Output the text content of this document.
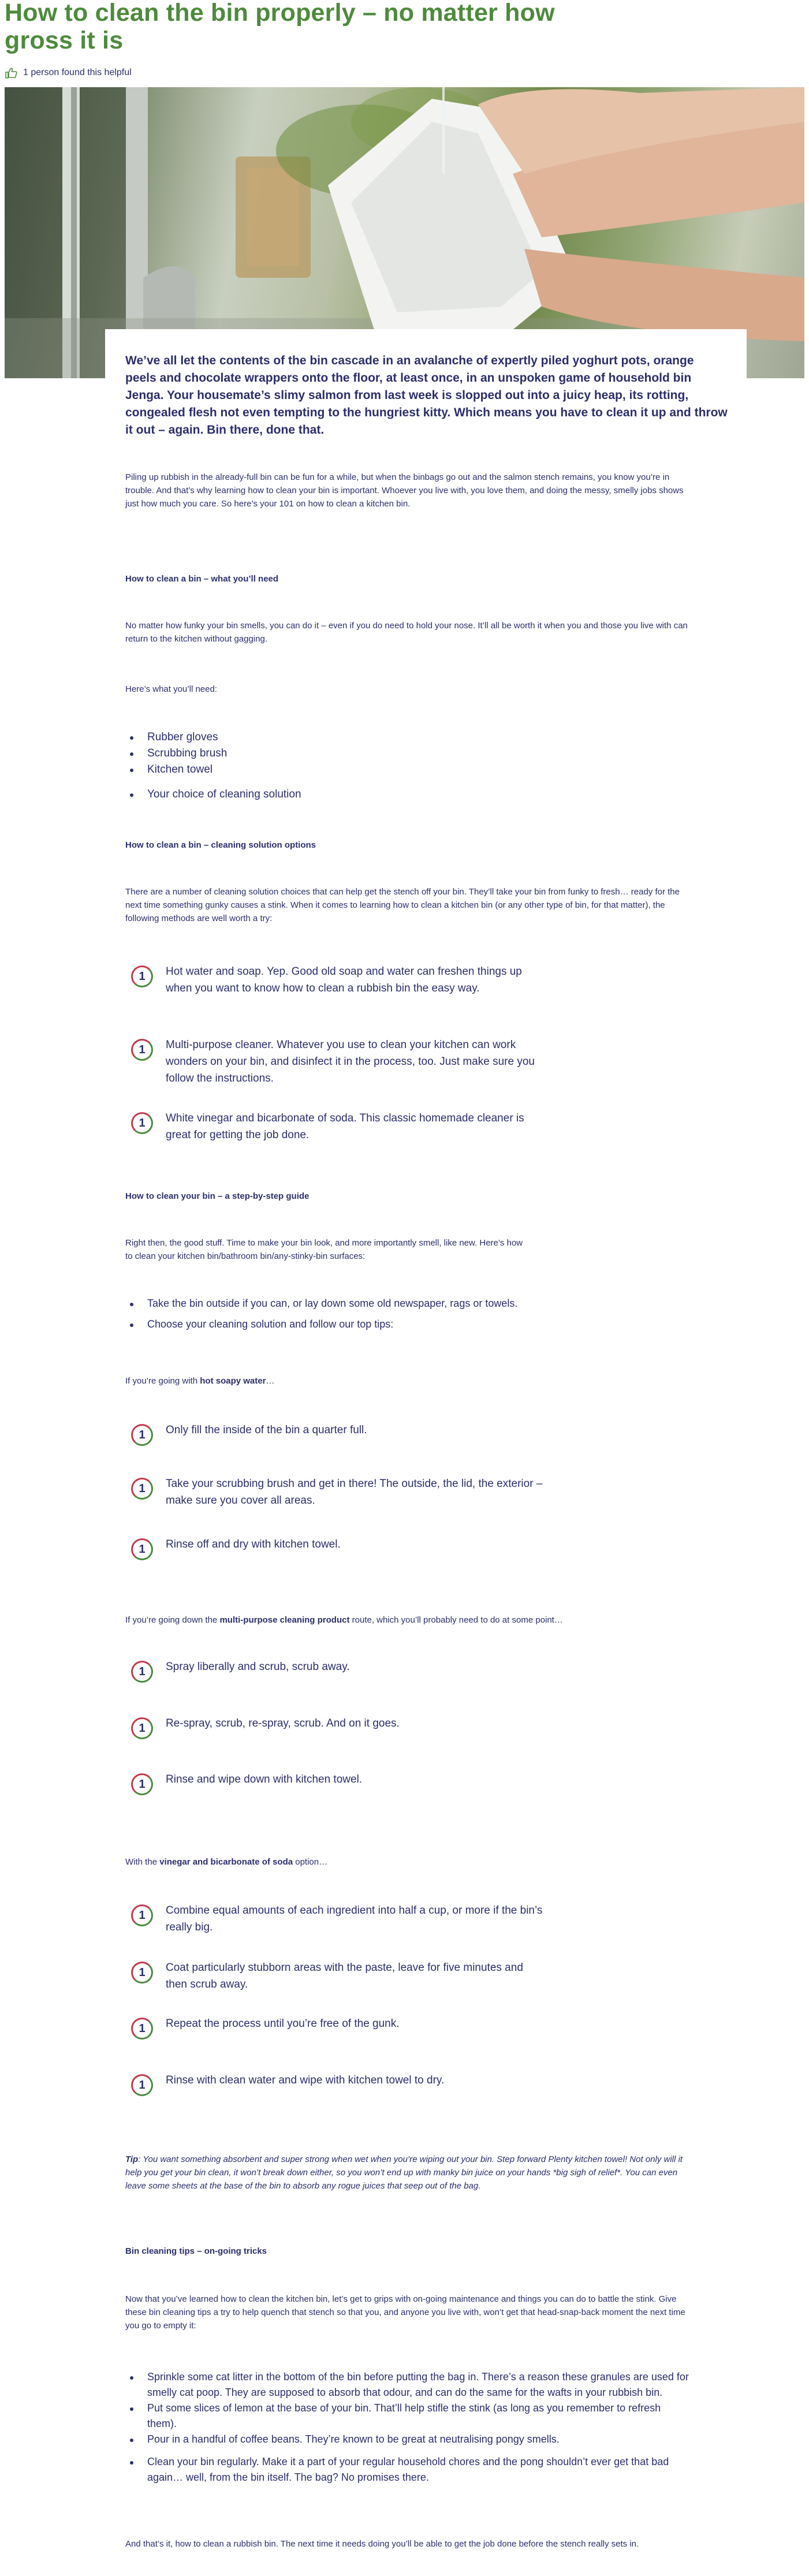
How to clean the bin properly – no matter how gross it is
1 person found this helpful

We’ve all let the contents of the bin cascade in an avalanche of expertly piled yoghurt pots, orange peels and chocolate wrappers onto the floor, at least once, in an unspoken game of household bin Jenga. Your housemate’s slimy salmon from last week is slopped out into a juicy heap, its rotting, congealed flesh not even tempting to the hungriest kitty. Which means you have to clean it up and throw it out – again. Bin there, done that.

Piling up rubbish in the already-full bin can be fun for a while, but when the binbags go out and the salmon stench remains, you know you’re in trouble. And that’s why learning how to clean your bin is important. Whoever you live with, you love them, and doing the messy, smelly jobs shows just how much you care. So here’s your 101 on how to clean a kitchen bin.

How to clean a bin – what you’ll need

No matter how funky your bin smells, you can do it – even if you do need to hold your nose. It’ll all be worth it when you and those you live with can return to the kitchen without gagging.

Here’s what you’ll need:

Rubber gloves
Scrubbing brush
Kitchen towel
Your choice of cleaning solution
How to clean a bin – cleaning solution options

There are a number of cleaning solution choices that can help get the stench off your bin. They’ll take your bin from funky to fresh… ready for the next time something gunky causes a stink. When it comes to learning how to clean a kitchen bin (or any other type of bin, for that matter), the following methods are well worth a try:

1 Hot water and soap. Yep. Good old soap and water can freshen things up when you want to know how to clean a rubbish bin the easy way.
1 Multi-purpose cleaner. Whatever you use to clean your kitchen can work wonders on your bin, and disinfect it in the process, too. Just make sure you follow the instructions.
1 White vinegar and bicarbonate of soda. This classic homemade cleaner is great for getting the job done.
How to clean your bin – a step-by-step guide

Right then, the good stuff. Time to make your bin look, and more importantly smell, like new. Here’s how to clean your kitchen bin/bathroom bin/any-stinky-bin surfaces:

Take the bin outside if you can, or lay down some old newspaper, rags or towels.
Choose your cleaning solution and follow our top tips:

If you’re going with hot soapy water…

1 Only fill the inside of the bin a quarter full.
1 Take your scrubbing brush and get in there! The outside, the lid, the exterior – make sure you cover all areas.
1 Rinse off and dry with kitchen towel.

If you’re going down the multi-purpose cleaning product route, which you’ll probably need to do at some point…

1 Spray liberally and scrub, scrub away.
1 Re-spray, scrub, re-spray, scrub. And on it goes.
1 Rinse and wipe down with kitchen towel.

With the vinegar and bicarbonate of soda option…

1 Combine equal amounts of each ingredient into half a cup, or more if the bin’s really big.
1 Coat particularly stubborn areas with the paste, leave for five minutes and then scrub away.
1 Repeat the process until you’re free of the gunk.
1 Rinse with clean water and wipe with kitchen towel to dry.

Tip: You want something absorbent and super strong when wet when you’re wiping out your bin. Step forward Plenty kitchen towel! Not only will it help you get your bin clean, it won’t break down either, so you won’t end up with manky bin juice on your hands *big sigh of relief*. You can even leave some sheets at the base of the bin to absorb any rogue juices that seep out of the bag.

Bin cleaning tips – on-going tricks

Now that you’ve learned how to clean the kitchen bin, let’s get to grips with on-going maintenance and things you can do to battle the stink. Give these bin cleaning tips a try to help quench that stench so that you, and anyone you live with, won’t get that head-snap-back moment the next time you go to empty it:

Sprinkle some cat litter in the bottom of the bin before putting the bag in. There’s a reason these granules are used for smelly cat poop. They are supposed to absorb that odour, and can do the same for the wafts in your rubbish bin.
Put some slices of lemon at the base of your bin. That’ll help stifle the stink (as long as you remember to refresh them).
Pour in a handful of coffee beans. They’re known to be great at neutralising pongy smells.
Clean your bin regularly. Make it a part of your regular household chores and the pong shouldn’t ever get that bad again… well, from the bin itself. The bag? No promises there.

And that’s it, how to clean a rubbish bin. The next time it needs doing you’ll be able to get the job done before the stench really sets in.
